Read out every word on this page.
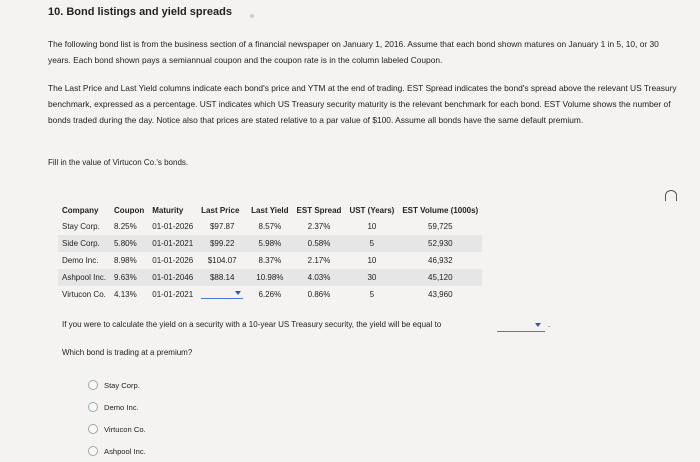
10. Bond listings and yield spreads
The following bond list is from the business section of a financial newspaper on January 1, 2016. Assume that each bond shown matures on January 1 in 5, 10, or 30 years. Each bond shown pays a semiannual coupon and the coupon rate is in the column labeled Coupon.
The Last Price and Last Yield columns indicate each bond's price and YTM at the end of trading. EST Spread indicates the bond's spread above the relevant US Treasury benchmark, expressed as a percentage. UST indicates which US Treasury security maturity is the relevant benchmark for each bond. EST Volume shows the number of bonds traded during the day. Notice also that prices are stated relative to a par value of $100. Assume all bonds have the same default premium.
Fill in the value of Virtucon Co.'s bonds.
Company	Coupon	Maturity	Last Price	Last Yield	EST Spread	UST (Years)	EST Volume (1000s)
Stay Corp.	8.25%	01-01-2026	$97.87	8.57%	2.37%	10	59,725
Side Corp.	5.80%	01-01-2021	$99.22	5.98%	0.58%	5	52,930
Demo Inc.	8.98%	01-01-2026	$104.07	8.37%	2.17%	10	46,932
Ashpool Inc.	9.63%	01-01-2046	$88.14	10.98%	4.03%	30	45,120
Virtucon Co.	4.13%	01-01-2021		6.26%	0.86%	5	43,960
If you were to calculate the yield on a security with a 10-year US Treasury security, the yield will be equal to	.
Which bond is trading at a premium?
Stay Corp.
Demo Inc.
Virtucon Co.
Ashpool Inc.
